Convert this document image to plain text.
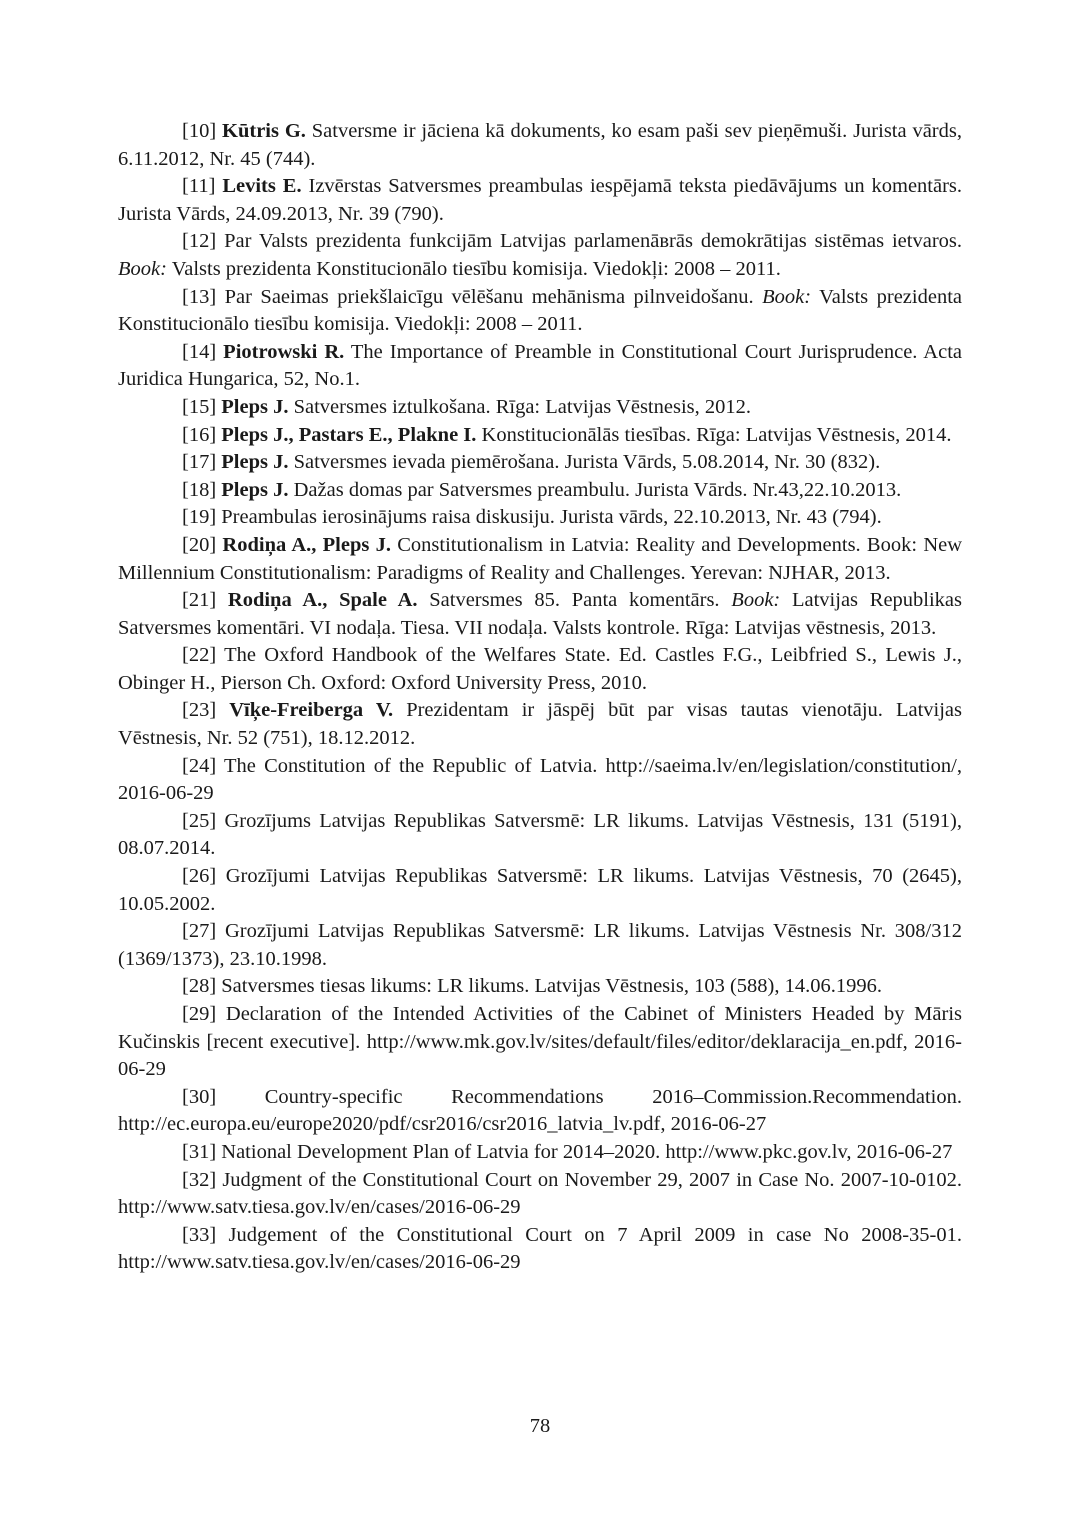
[10] Kūtris G. Satversme ir jāciena kā dokuments, ko esam paši sev pieņēmuši. Jurista vārds, 6.11.2012, Nr. 45 (744).

[11] Levits E. Izvērstas Satversmes preambulas iespējamā teksta piedāvājums un komentārs. Jurista Vārds, 24.09.2013, Nr. 39 (790).

[12] Par Valsts prezidenta funkcijām Latvijas parlamenāвrās demokrātijas sistēmas ietvaros. Book: Valsts prezidenta Konstitucionālo tiesību komisija. Viedokļi: 2008 – 2011.

[13] Par Saeimas priekšlaicīgu vēlēšanu mehānisma pilnveidošanu. Book: Valsts prezidenta Konstitucionālo tiesību komisija. Viedokļi: 2008 – 2011.

[14] Piotrowski R. The Importance of Preamble in Constitutional Court Jurisprudence. Acta Juridica Hungarica, 52, No.1.

[15] Pleps J. Satversmes iztulkošana. Rīga: Latvijas Vēstnesis, 2012.

[16] Pleps J., Pastars E., Plakne I. Konstitucionālās tiesības. Rīga: Latvijas Vēstnesis, 2014.

[17] Pleps J. Satversmes ievada piemērošana. Jurista Vārds, 5.08.2014, Nr. 30 (832).

[18] Pleps J. Dažas domas par Satversmes preambulu. Jurista Vārds. Nr.43,22.10.2013.

[19] Preambulas ierosinājums raisa diskusiju. Jurista vārds, 22.10.2013, Nr. 43 (794).

[20] Rodiņa A., Pleps J. Constitutionalism in Latvia: Reality and Developments. Book: New Millennium Constitutionalism: Paradigms of Reality and Challenges. Yerevan: NJHAR, 2013.

[21] Rodiņa A., Spale A. Satversmes 85. Panta komentārs. Book: Latvijas Republikas Satversmes komentāri. VI nodaļa. Tiesa. VII nodaļa. Valsts kontrole. Rīga: Latvijas vēstnesis, 2013.

[22] The Oxford Handbook of the Welfares State. Ed. Castles F.G., Leibfried S., Lewis J., Obinger H., Pierson Ch. Oxford: Oxford University Press, 2010.

[23] Vīķe-Freiberga V. Prezidentam ir jāspēj būt par visas tautas vienotāju. Latvijas Vēstnesis, Nr. 52 (751), 18.12.2012.

[24] The Constitution of the Republic of Latvia. http://saeima.lv/en/legislation/constitution/, 2016-06-29

[25] Grozījums Latvijas Republikas Satversmē: LR likums. Latvijas Vēstnesis, 131 (5191), 08.07.2014.

[26] Grozījumi Latvijas Republikas Satversmē: LR likums. Latvijas Vēstnesis, 70 (2645), 10.05.2002.

[27] Grozījumi Latvijas Republikas Satversmē: LR likums. Latvijas Vēstnesis Nr. 308/312 (1369/1373), 23.10.1998.

[28] Satversmes tiesas likums: LR likums. Latvijas Vēstnesis, 103 (588), 14.06.1996.

[29] Declaration of the Intended Activities of the Cabinet of Ministers Headed by Māris Kučinskis [recent executive]. http://www.mk.gov.lv/sites/default/files/editor/deklaracija_en.pdf, 2016-06-29

[30] Country-specific Recommendations 2016–Commission.Recommendation. http://ec.europa.eu/europe2020/pdf/csr2016/csr2016_latvia_lv.pdf, 2016-06-27

[31] National Development Plan of Latvia for 2014–2020. http://www.pkc.gov.lv, 2016-06-27

[32] Judgment of the Constitutional Court on November 29, 2007 in Case No. 2007-10-0102. http://www.satv.tiesa.gov.lv/en/cases/2016-06-29

[33] Judgement of the Constitutional Court on 7 April 2009 in case No 2008-35-01. http://www.satv.tiesa.gov.lv/en/cases/2016-06-29

78
